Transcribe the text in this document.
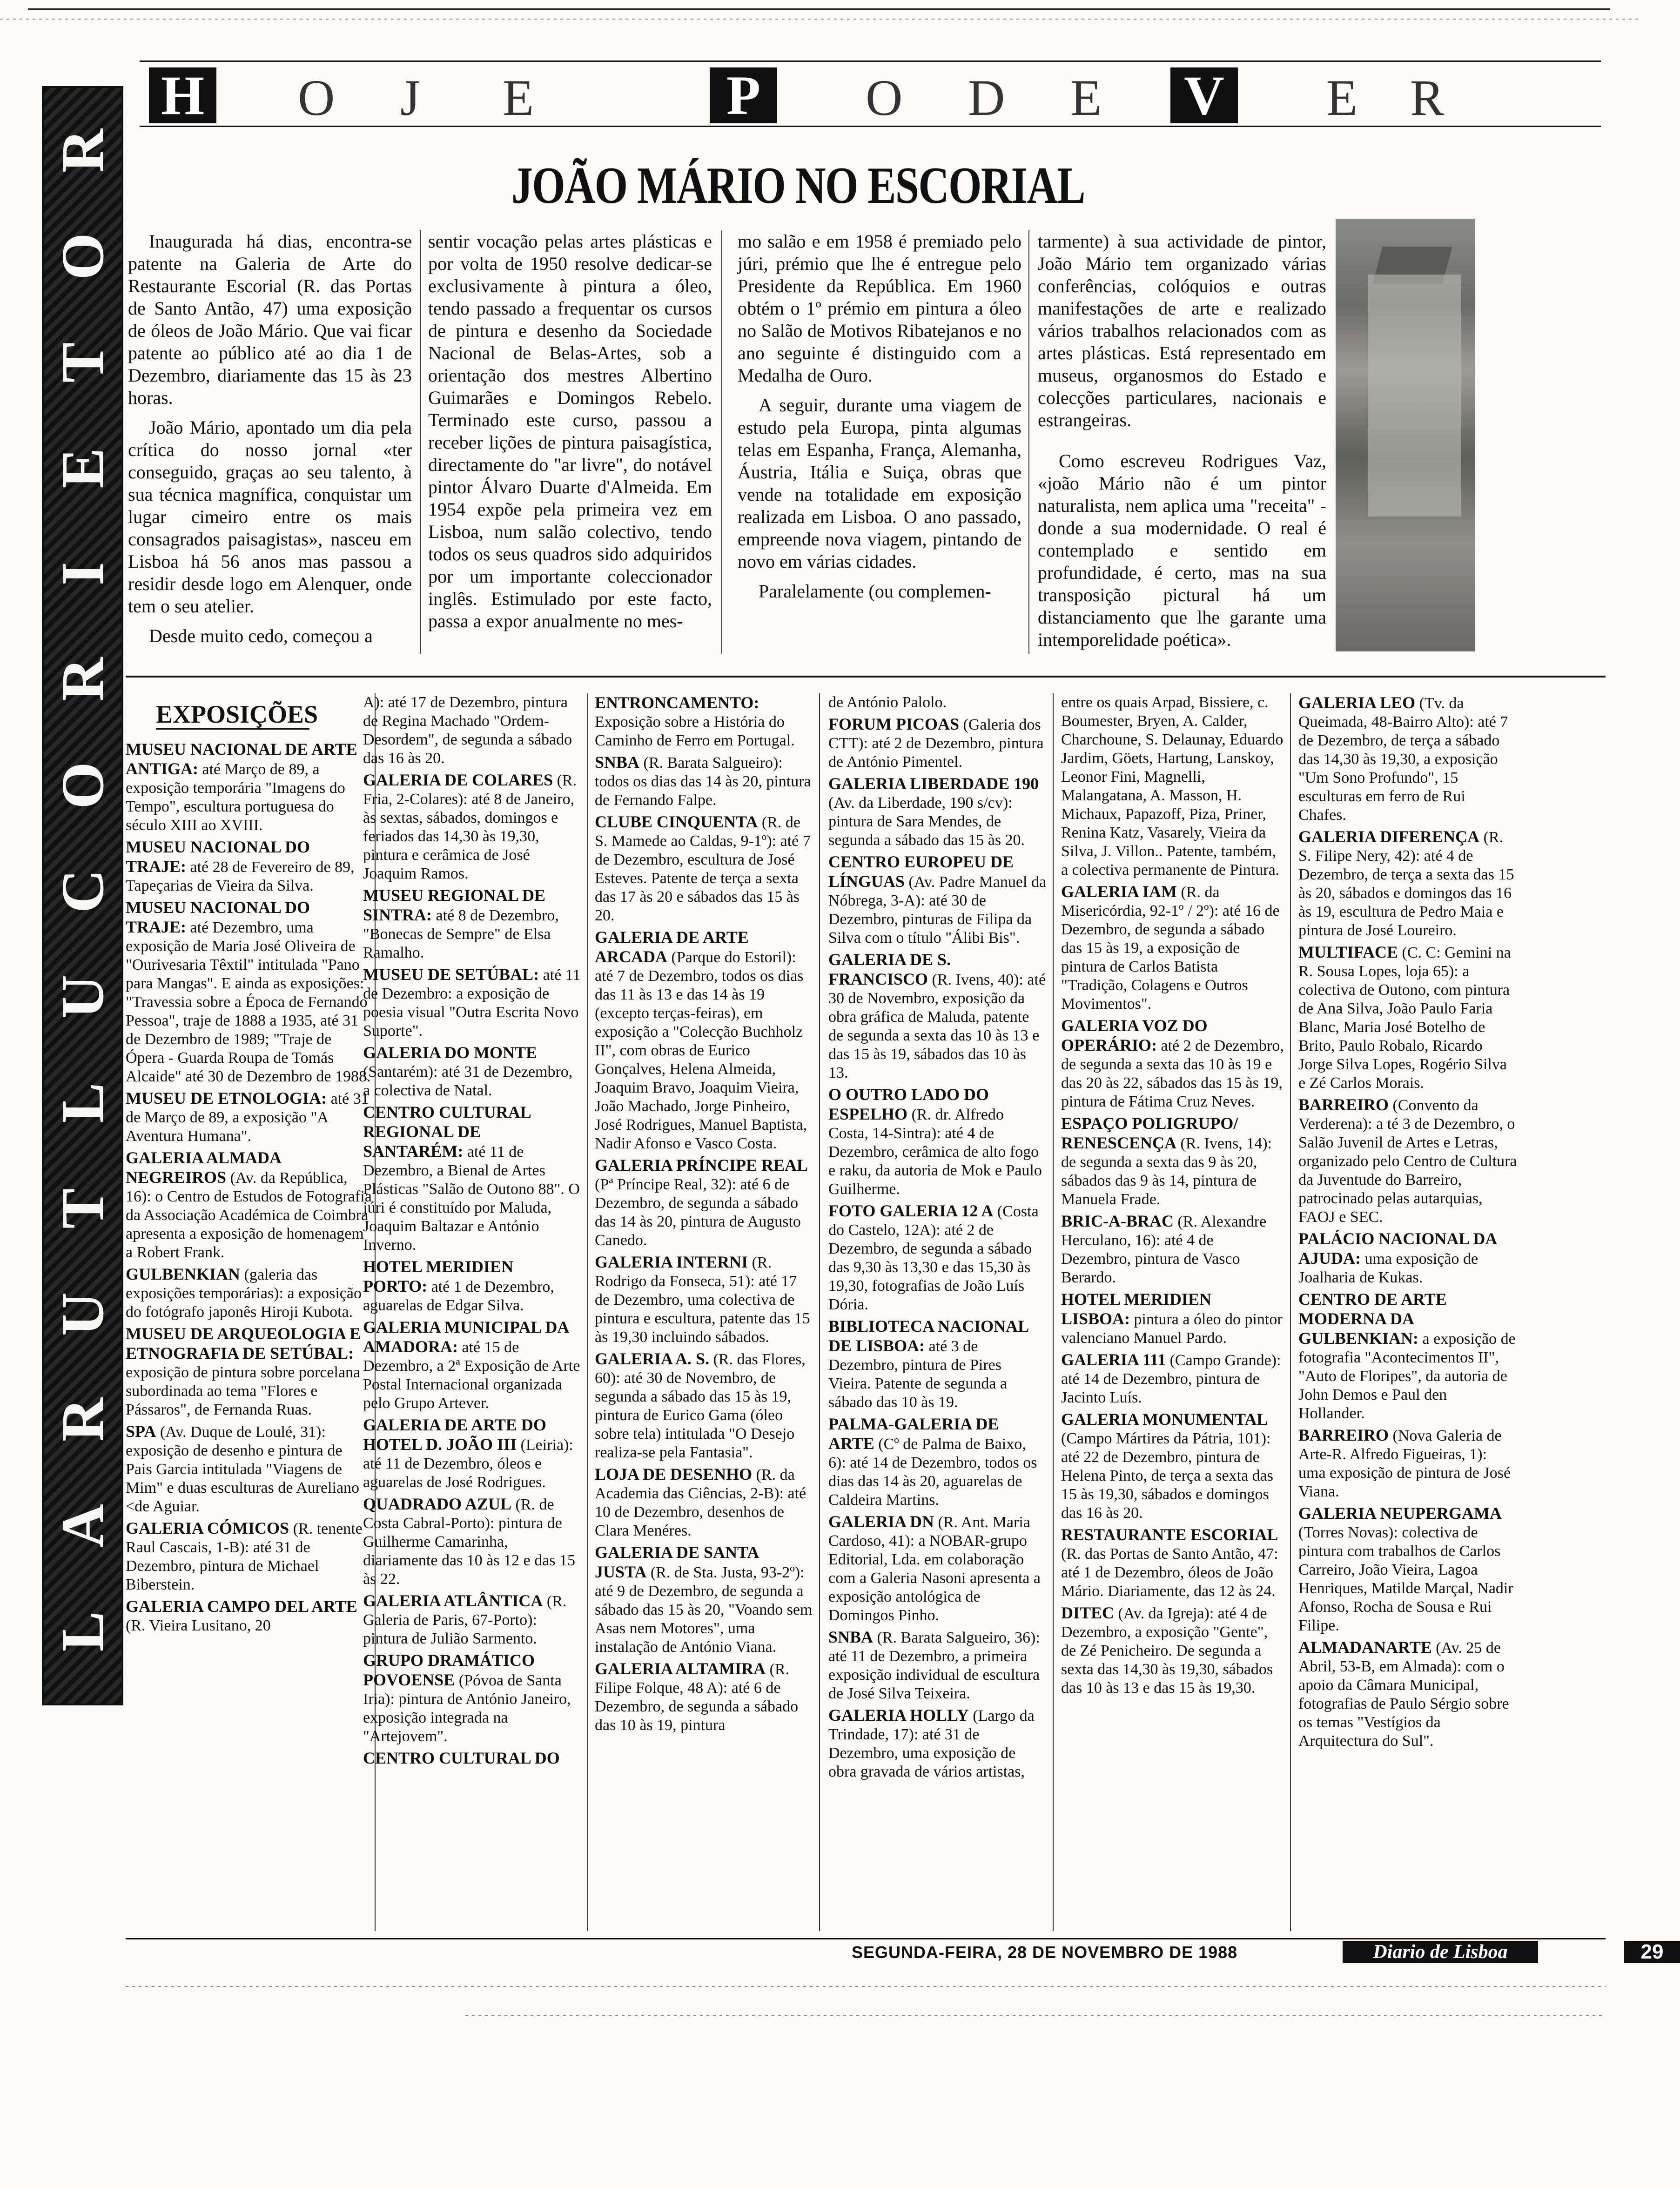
R
O
T
E
I
R
O
C
U
L
T
U
R
A
L
H O J E	P	O D E V E R
JOÃO MÁRIO NO ESCORIAL

Inaugurada há dias, encontra-se patente na Galeria de Arte do Restaurante Escorial (R. das Portas de Santo Antão, 47) uma exposição de óleos de João Mário. Que vai ficar patente ao público até ao dia 1 de Dezembro, diariamente das 15 às 23 horas.

João Mário, apontado um dia pela crítica do nosso jornal «ter conseguido, graças ao seu talento, à sua técnica magnífica, conquistar um lugar cimeiro entre os mais consagrados paisagistas», nasceu em Lisboa há 56 anos mas passou a residir desde logo em Alenquer, onde tem o seu atelier.

Desde muito cedo, começou a

sentir vocação pelas artes plásticas e por volta de 1950 resolve dedicar-se exclusivamente à pintura a óleo, tendo passado a frequentar os cursos de pintura e desenho da Sociedade Nacional de Belas-Artes, sob a orientação dos mestres Albertino Guimarães e Domingos Rebelo. Terminado este curso, passou a receber lições de pintura paisagística, directamente do "ar livre", do notável pintor Álvaro Duarte d'Almeida. Em 1954 expõe pela primeira vez em Lisboa, num salão colectivo, tendo todos os seus quadros sido adquiridos por um importante coleccionador inglês. Estimulado por este facto, passa a expor anualmente no mes-

mo salão e em 1958 é premiado pelo júri, prémio que lhe é entregue pelo Presidente da República. Em 1960 obtém o 1º prémio em pintura a óleo no Salão de Motivos Ribatejanos e no ano seguinte é distinguido com a Medalha de Ouro.

A seguir, durante uma viagem de estudo pela Europa, pinta algumas telas em Espanha, França, Alemanha, Áustria, Itália e Suiça, obras que vende na totalidade em exposição realizada em Lisboa. O ano passado, empreende nova viagem, pintando de novo em várias cidades.

Paralelamente (ou complemen-

tarmente) à sua actividade de pintor, João Mário tem organizado várias conferências, colóquios e outras manifestações de arte e realizado vários trabalhos relacionados com as artes plásticas. Está representado em museus, organosmos do Estado e colecções particulares, nacionais e estrangeiras.

Como escreveu Rodrigues Vaz, «joão Mário não é um pintor naturalista, nem aplica uma "receita" - donde a sua modernidade. O real é contemplado e sentido em profundidade, é certo, mas na sua transposição pictural há um distanciamento que lhe garante uma intemporelidade poética».

EXPOSIÇÕES

MUSEU NACIONAL DE ARTE ANTIGA: até Março de 89, a exposição temporária "Imagens do Tempo", escultura portuguesa do século XIII ao XVIII.

MUSEU NACIONAL DO TRAJE: até 28 de Fevereiro de 89, Tapeçarias de Vieira da Silva.

MUSEU NACIONAL DO TRAJE: até Dezembro, uma exposição de Maria José Oliveira de "Ourivesaria Têxtil" intitulada "Pano para Mangas". E ainda as exposições: "Travessia sobre a Época de Fernando Pessoa", traje de 1888 a 1935, até 31 de Dezembro de 1989; "Traje de Ópera - Guarda Roupa de Tomás Alcaide" até 30 de Dezembro de 1988.

MUSEU DE ETNOLOGIA: até 31 de Março de 89, a exposição "A Aventura Humana".

GALERIA ALMADA NEGREIROS (Av. da República, 16): o Centro de Estudos de Fotografia da Associação Académica de Coimbra apresenta a exposição de homenagem a Robert Frank.

GULBENKIAN (galeria das exposições temporárias): a exposição do fotógrafo japonês Hiroji Kubota.

MUSEU DE ARQUEOLOGIA E ETNOGRAFIA DE SETÚBAL: exposição de pintura sobre porcelana subordinada ao tema "Flores e Pássaros", de Fernanda Ruas.

SPA (Av. Duque de Loulé, 31): exposição de desenho e pintura de Pais Garcia intitulada "Viagens de Mim" e duas esculturas de Aureliano <de Aguiar.

GALERIA CÓMICOS (R. tenente Raul Cascais, 1-B): até 31 de Dezembro, pintura de Michael Biberstein.

GALERIA CAMPO DEL ARTE (R. Vieira Lusitano, 20

A): até 17 de Dezembro, pintura de Regina Machado "Ordem-Desordem", de segunda a sábado das 16 às 20.

GALERIA DE COLARES (R. Fria, 2-Colares): até 8 de Janeiro, às sextas, sábados, domingos e feriados das 14,30 às 19,30, pintura e cerâmica de José Joaquim Ramos.

MUSEU REGIONAL DE SINTRA: até 8 de Dezembro, "Bonecas de Sempre" de Elsa Ramalho.

MUSEU DE SETÚBAL: até 11 de Dezembro: a exposição de poesia visual "Outra Escrita Novo Suporte".

GALERIA DO MONTE (Santarém): até 31 de Dezembro, a colectiva de Natal.

CENTRO CULTURAL REGIONAL DE SANTARÉM: até 11 de Dezembro, a Bienal de Artes Plásticas "Salão de Outono 88". O júri é constituído por Maluda, Joaquim Baltazar e António Inverno.

HOTEL MERIDIEN PORTO: até 1 de Dezembro, aguarelas de Edgar Silva.

GALERIA MUNICIPAL DA AMADORA: até 15 de Dezembro, a 2ª Exposição de Arte Postal Internacional organizada pelo Grupo Artever.

GALERIA DE ARTE DO HOTEL D. JOÃO III (Leiria): até 11 de Dezembro, óleos e aguarelas de José Rodrigues.

QUADRADO AZUL (R. de Costa Cabral-Porto): pintura de Guilherme Camarinha, diariamente das 10 às 12 e das 15 às 22.

GALERIA ATLÂNTICA (R. Galeria de Paris, 67-Porto): pintura de Julião Sarmento.

GRUPO DRAMÁTICO POVOENSE (Póvoa de Santa Iria): pintura de António Janeiro, exposição integrada na "Artejovem".

CENTRO CULTURAL DO

ENTRONCAMENTO: Exposição sobre a História do Caminho de Ferro em Portugal.

SNBA (R. Barata Salgueiro): todos os dias das 14 às 20, pintura de Fernando Falpe.

CLUBE CINQUENTA (R. de S. Mamede ao Caldas, 9-1º): até 7 de Dezembro, escultura de José Esteves. Patente de terça a sexta das 17 às 20 e sábados das 15 às 20.

GALERIA DE ARTE ARCADA (Parque do Estoril): até 7 de Dezembro, todos os dias das 11 às 13 e das 14 às 19 (excepto terças-feiras), em exposição a "Colecção Buchholz II", com obras de Eurico Gonçalves, Helena Almeida, Joaquim Bravo, Joaquim Vieira, João Machado, Jorge Pinheiro, José Rodrigues, Manuel Baptista, Nadir Afonso e Vasco Costa.

GALERIA PRÍNCIPE REAL (Pª Príncipe Real, 32): até 6 de Dezembro, de segunda a sábado das 14 às 20, pintura de Augusto Canedo.

GALERIA INTERNI (R. Rodrigo da Fonseca, 51): até 17 de Dezembro, uma colectiva de pintura e escultura, patente das 15 às 19,30 incluindo sábados.

GALERIA A. S. (R. das Flores, 60): até 30 de Novembro, de segunda a sábado das 15 às 19, pintura de Eurico Gama (óleo sobre tela) intitulada "O Desejo realiza-se pela Fantasia".

LOJA DE DESENHO (R. da Academia das Ciências, 2-B): até 10 de Dezembro, desenhos de Clara Menéres.

GALERIA DE SANTA JUSTA (R. de Sta. Justa, 93-2º): até 9 de Dezembro, de segunda a sábado das 15 às 20, "Voando sem Asas nem Motores", uma instalação de António Viana.

GALERIA ALTAMIRA (R. Filipe Folque, 48 A): até 6 de Dezembro, de segunda a sábado das 10 às 19, pintura

de António Palolo.

FORUM PICOAS (Galeria dos CTT): até 2 de Dezembro, pintura de António Pimentel.

GALERIA LIBERDADE 190 (Av. da Liberdade, 190 s/cv): pintura de Sara Mendes, de segunda a sábado das 15 às 20.

CENTRO EUROPEU DE LÍNGUAS (Av. Padre Manuel da Nóbrega, 3-A): até 30 de Dezembro, pinturas de Filipa da Silva com o título "Álibi Bis".

GALERIA DE S. FRANCISCO (R. Ivens, 40): até 30 de Novembro, exposição da obra gráfica de Maluda, patente de segunda a sexta das 10 às 13 e das 15 às 19, sábados das 10 às 13.

O OUTRO LADO DO ESPELHO (R. dr. Alfredo Costa, 14-Sintra): até 4 de Dezembro, cerâmica de alto fogo e raku, da autoria de Mok e Paulo Guilherme.

FOTO GALERIA 12 A (Costa do Castelo, 12A): até 2 de Dezembro, de segunda a sábado das 9,30 às 13,30 e das 15,30 às 19,30, fotografias de João Luís Dória.

BIBLIOTECA NACIONAL DE LISBOA: até 3 de Dezembro, pintura de Pires Vieira. Patente de segunda a sábado das 10 às 19.

PALMA-GALERIA DE ARTE (Cº de Palma de Baixo, 6): até 14 de Dezembro, todos os dias das 14 às 20, aguarelas de Caldeira Martins.

GALERIA DN (R. Ant. Maria Cardoso, 41): a NOBAR-grupo Editorial, Lda. em colaboração com a Galeria Nasoni apresenta a exposição antológica de Domingos Pinho.

SNBA (R. Barata Salgueiro, 36): até 11 de Dezembro, a primeira exposição individual de escultura de José Silva Teixeira.

GALERIA HOLLY (Largo da Trindade, 17): até 31 de Dezembro, uma exposição de obra gravada de vários artistas,

entre os quais Arpad, Bissiere, c. Boumester, Bryen, A. Calder, Charchoune, S. Delaunay, Eduardo Jardim, Göets, Hartung, Lanskoy, Leonor Fini, Magnelli, Malangatana, A. Masson, H. Michaux, Papazoff, Piza, Priner, Renina Katz, Vasarely, Vieira da Silva, J. Villon.. Patente, também, a colectiva permanente de Pintura.

GALERIA IAM (R. da Misericórdia, 92-1º / 2º): até 16 de Dezembro, de segunda a sábado das 15 às 19, a exposição de pintura de Carlos Batista "Tradição, Colagens e Outros Movimentos".

GALERIA VOZ DO OPERÁRIO: até 2 de Dezembro, de segunda a sexta das 10 às 19 e das 20 às 22, sábados das 15 às 19, pintura de Fátima Cruz Neves.

ESPAÇO POLIGRUPO/ RENESCENÇA (R. Ivens, 14): de segunda a sexta das 9 às 20, sábados das 9 às 14, pintura de Manuela Frade.

BRIC-A-BRAC (R. Alexandre Herculano, 16): até 4 de Dezembro, pintura de Vasco Berardo.

HOTEL MERIDIEN LISBOA: pintura a óleo do pintor valenciano Manuel Pardo.

GALERIA 111 (Campo Grande): até 14 de Dezembro, pintura de Jacinto Luís.

GALERIA MONUMENTAL (Campo Mártires da Pátria, 101): até 22 de Dezembro, pintura de Helena Pinto, de terça a sexta das 15 às 19,30, sábados e domingos das 16 às 20.

RESTAURANTE ESCORIAL (R. das Portas de Santo Antão, 47: até 1 de Dezembro, óleos de João Mário. Diariamente, das 12 às 24.

DITEC (Av. da Igreja): até 4 de Dezembro, a exposição "Gente", de Zé Penicheiro. De segunda a sexta das 14,30 às 19,30, sábados das 10 às 13 e das 15 às 19,30.

GALERIA LEO (Tv. da Queimada, 48-Bairro Alto): até 7 de Dezembro, de terça a sábado das 14,30 às 19,30, a exposição "Um Sono Profundo", 15 esculturas em ferro de Rui Chafes.

GALERIA DIFERENÇA (R. S. Filipe Nery, 42): até 4 de Dezembro, de terça a sexta das 15 às 20, sábados e domingos das 16 às 19, escultura de Pedro Maia e pintura de José Loureiro.

MULTIFACE (C. C: Gemini na R. Sousa Lopes, loja 65): a colectiva de Outono, com pintura de Ana Silva, João Paulo Faria Blanc, Maria José Botelho de Brito, Paulo Robalo, Ricardo Jorge Silva Lopes, Rogério Silva e Zé Carlos Morais.

BARREIRO (Convento da Verderena): a té 3 de Dezembro, o Salão Juvenil de Artes e Letras, organizado pelo Centro de Cultura da Juventude do Barreiro, patrocinado pelas autarquias, FAOJ e SEC.

PALÁCIO NACIONAL DA AJUDA: uma exposição de Joalharia de Kukas.

CENTRO DE ARTE MODERNA DA GULBENKIAN: a exposição de fotografia "Acontecimentos II", "Auto de Floripes", da autoria de John Demos e Paul den Hollander.

BARREIRO (Nova Galeria de Arte-R. Alfredo Figueiras, 1): uma exposição de pintura de José Viana.

GALERIA NEUPERGAMA (Torres Novas): colectiva de pintura com trabalhos de Carlos Carreiro, João Vieira, Lagoa Henriques, Matilde Marçal, Nadir Afonso, Rocha de Sousa e Rui Filipe.

ALMADANARTE (Av. 25 de Abril, 53-B, em Almada): com o apoio da Câmara Municipal, fotografias de Paulo Sérgio sobre os temas "Vestígios da Arquitectura do Sul".

SEGUNDA-FEIRA, 28 DE NOVEMBRO DE 1988	Diario de Lisboa	29
